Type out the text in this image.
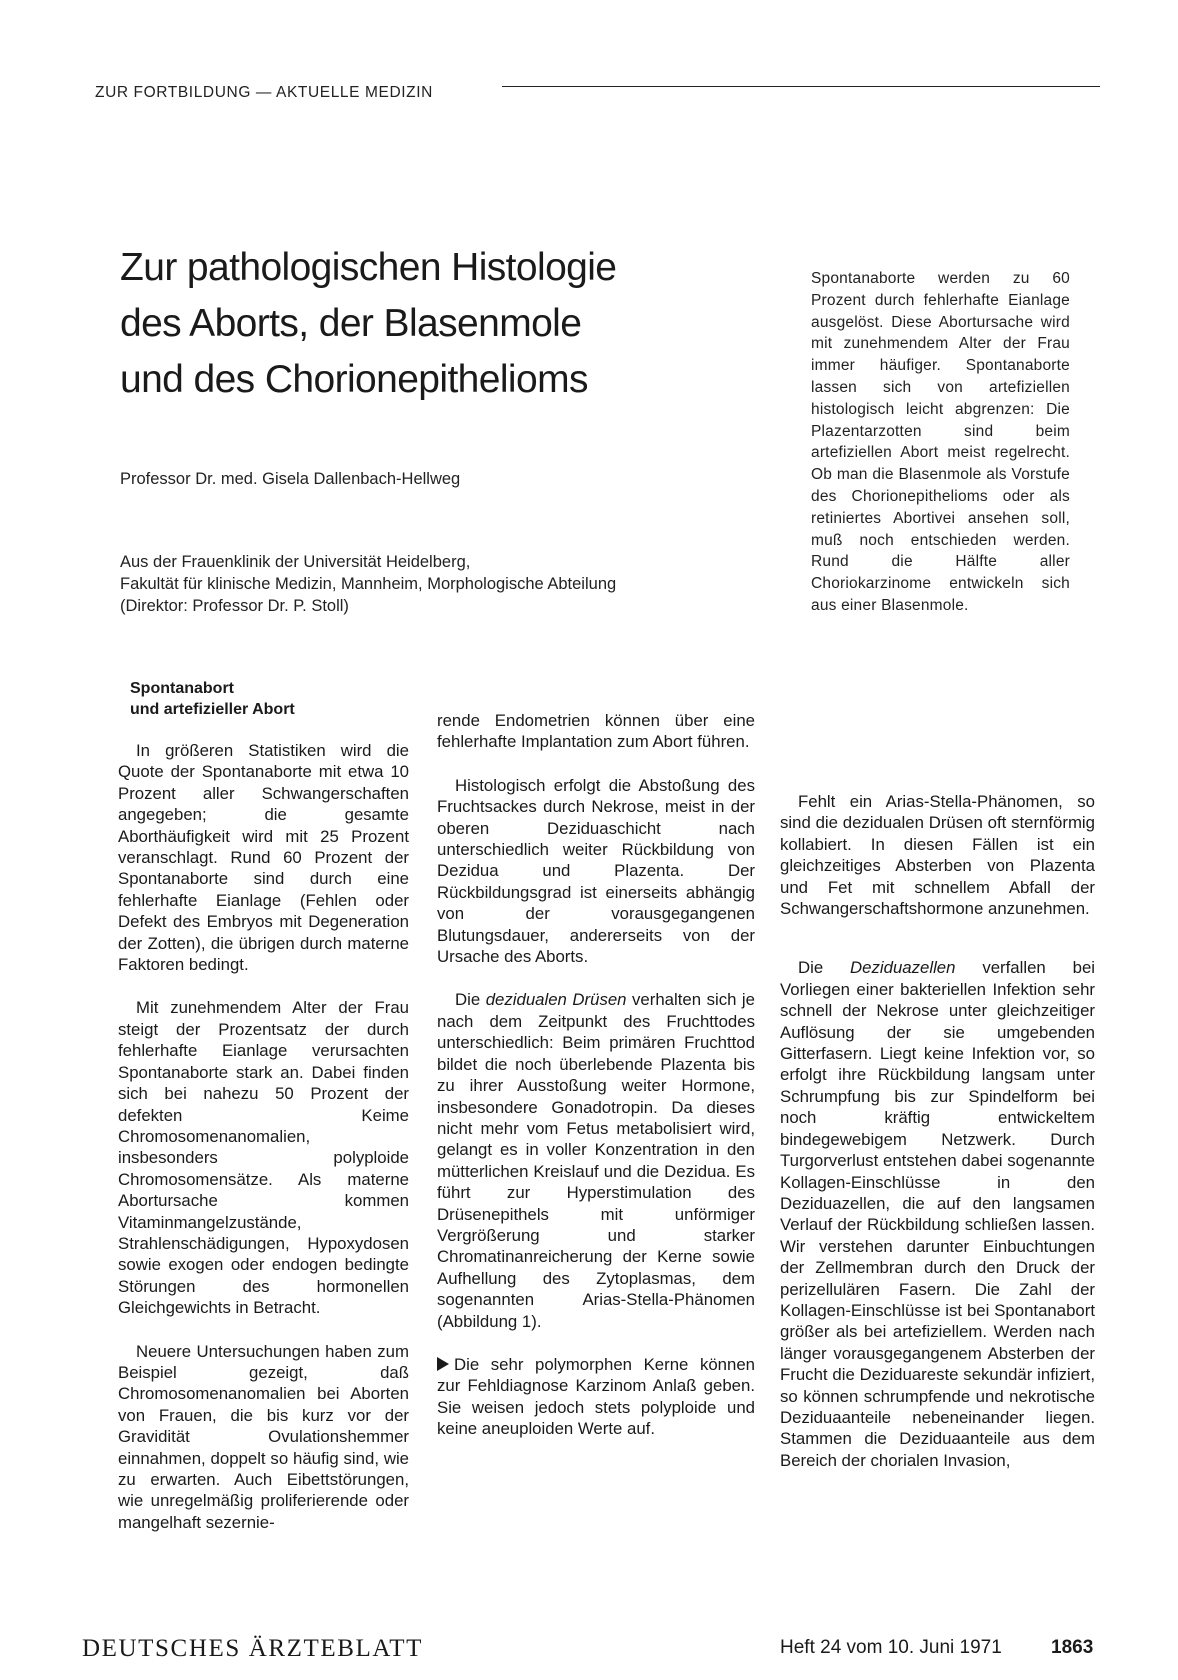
ZUR FORTBILDUNG — AKTUELLE MEDIZIN
Zur pathologischen Histologie
des Aborts, der Blasenmole
und des Chorionepithelioms
Professor Dr. med. Gisela Dallenbach-Hellweg
Aus der Frauenklinik der Universität Heidelberg,
Fakultät für klinische Medizin, Mannheim, Morphologische Abteilung
(Direktor: Professor Dr. P. Stoll)
Spontanaborte werden zu 60 Prozent durch fehlerhafte Eianlage ausgelöst. Diese Abortursache wird mit zunehmendem Alter der Frau immer häufiger. Spontanaborte lassen sich von artefiziellen histologisch leicht abgrenzen: Die Plazentarzotten sind beim artefiziellen Abort meist regelrecht. Ob man die Blasenmole als Vorstufe des Chorionepithelioms oder als retiniertes Abortivei ansehen soll, muß noch entschieden werden. Rund die Hälfte aller Choriokarzinome entwickeln sich aus einer Blasenmole.
Spontanabort
und artefizieller Abort

In größeren Statistiken wird die Quote der Spontanaborte mit etwa 10 Prozent aller Schwangerschaften angegeben; die gesamte Aborthäufigkeit wird mit 25 Prozent veranschlagt. Rund 60 Prozent der Spontanaborte sind durch eine fehlerhafte Eianlage (Fehlen oder Defekt des Embryos mit Degeneration der Zotten), die übrigen durch materne Faktoren bedingt.

Mit zunehmendem Alter der Frau steigt der Prozentsatz der durch fehlerhafte Eianlage verursachten Spontanaborte stark an. Dabei finden sich bei nahezu 50 Prozent der defekten Keime Chromosomenanomalien, insbesonders polyploide Chromosomensätze. Als materne Abortursache kommen Vitaminmangelzustände, Strahlenschädigungen, Hypoxydosen sowie exogen oder endogen bedingte Störungen des hormonellen Gleichgewichts in Betracht.

Neuere Untersuchungen haben zum Beispiel gezeigt, daß Chromosomenanomalien bei Aborten von Frauen, die bis kurz vor der Gravidität Ovulationshemmer einnahmen, doppelt so häufig sind, wie zu erwarten. Auch Eibettstörungen, wie unregelmäßig proliferierende oder mangelhaft sezernie-

rende Endometrien können über eine fehlerhafte Implantation zum Abort führen.

Histologisch erfolgt die Abstoßung des Fruchtsackes durch Nekrose, meist in der oberen Deziduaschicht nach unterschiedlich weiter Rückbildung von Dezidua und Plazenta. Der Rückbildungsgrad ist einerseits abhängig von der vorausgegangenen Blutungsdauer, andererseits von der Ursache des Aborts.

Die dezidualen Drüsen verhalten sich je nach dem Zeitpunkt des Fruchttodes unterschiedlich: Beim primären Fruchttod bildet die noch überlebende Plazenta bis zu ihrer Ausstoßung weiter Hormone, insbesondere Gonadotropin. Da dieses nicht mehr vom Fetus metabolisiert wird, gelangt es in voller Konzentration in den mütterlichen Kreislauf und die Dezidua. Es führt zur Hyperstimulation des Drüsenepithels mit unförmiger Vergrößerung und starker Chromatinanreicherung der Kerne sowie Aufhellung des Zytoplasmas, dem sogenannten Arias-Stella-Phänomen (Abbildung 1).

Die sehr polymorphen Kerne können zur Fehldiagnose Karzinom Anlaß geben. Sie weisen jedoch stets polyploide und keine aneuploiden Werte auf.

Fehlt ein Arias-Stella-Phänomen, so sind die dezidualen Drüsen oft sternförmig kollabiert. In diesen Fällen ist ein gleichzeitiges Absterben von Plazenta und Fet mit schnellem Abfall der Schwangerschaftshormone anzunehmen.

Die Deziduazellen verfallen bei Vorliegen einer bakteriellen Infektion sehr schnell der Nekrose unter gleichzeitiger Auflösung der sie umgebenden Gitterfasern. Liegt keine Infektion vor, so erfolgt ihre Rückbildung langsam unter Schrumpfung bis zur Spindelform bei noch kräftig entwickeltem bindegewebigem Netzwerk. Durch Turgorverlust entstehen dabei sogenannte Kollagen-Einschlüsse in den Deziduazellen, die auf den langsamen Verlauf der Rückbildung schließen lassen. Wir verstehen darunter Einbuchtungen der Zellmembran durch den Druck der perizellulären Fasern. Die Zahl der Kollagen-Einschlüsse ist bei Spontanabort größer als bei artefiziellem. Werden nach länger vorausgegangenem Absterben der Frucht die Deziduareste sekundär infiziert, so können schrumpfende und nekrotische Deziduaanteile nebeneinander liegen. Stammen die Deziduaanteile aus dem Bereich der chorialen Invasion,

DEUTSCHES ÄRZTEBLATT	Heft 24 vom 10. Juni 1971	1863
